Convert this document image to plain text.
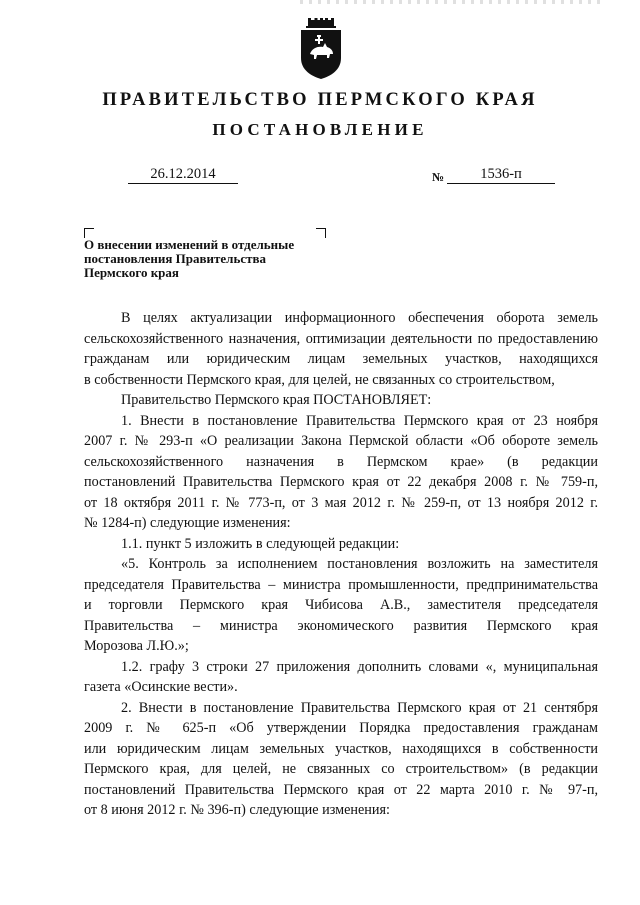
ПРАВИТЕЛЬСТВО ПЕРМСКОГО КРАЯ
ПОСТАНОВЛЕНИЕ
26.12.2014	№	1536-п
О внесении изменений в отдельные
постановления Правительства
Пермского края

В целях актуализации информационного обеспечения оборота земель
сельскохозяйственного назначения, оптимизации деятельности по предоставлению
гражданам или юридическим лицам земельных участков, находящихся
в собственности Пермского края, для целей, не связанных со строительством,

Правительство Пермского края ПОСТАНОВЛЯЕТ:

1. Внести в постановление Правительства Пермского края от 23 ноября
2007 г. № 293-п «О реализации Закона Пермской области «Об обороте земель
сельскохозяйственного назначения в Пермском крае» (в редакции
постановлений Правительства Пермского края от 22 декабря 2008 г. № 759-п,
от 18 октября 2011 г. № 773-п, от 3 мая 2012 г. № 259-п, от 13 ноября 2012 г.
№ 1284-п) следующие изменения:

1.1. пункт 5 изложить в следующей редакции:

«5. Контроль за исполнением постановления возложить на заместителя
председателя Правительства – министра промышленности, предпринимательства
и торговли Пермского края Чибисова А.В., заместителя председателя
Правительства – министра экономического развития Пермского края
Морозова Л.Ю.»;

1.2. графу 3 строки 27 приложения дополнить словами «, муниципальная
газета «Осинские вести».

2. Внести в постановление Правительства Пермского края от 21 сентября
2009 г. № 625-п «Об утверждении Порядка предоставления гражданам
или юридическим лицам земельных участков, находящихся в собственности
Пермского края, для целей, не связанных со строительством» (в редакции
постановлений Правительства Пермского края от 22 марта 2010 г. № 97-п,
от 8 июня 2012 г. № 396-п) следующие изменения:
